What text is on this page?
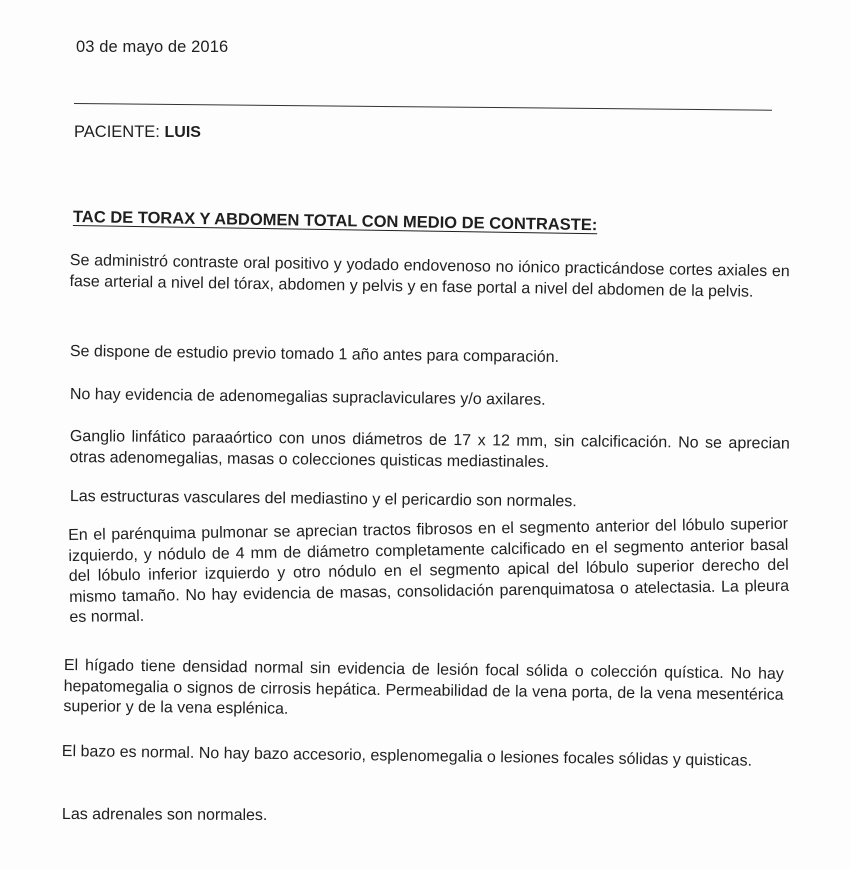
03 de mayo de 2016
PACIENTE: LUIS
TAC DE TORAX Y ABDOMEN TOTAL CON MEDIO DE CONTRASTE:
Se administró contraste oral positivo y yodado endovenoso no iónico practicándose cortes axiales en fase arterial a nivel del tórax, abdomen y pelvis y en fase portal a nivel del abdomen de la pelvis.
Se dispone de estudio previo tomado 1 año antes para comparación.
No hay evidencia de adenomegalias supraclaviculares y/o axilares.
Ganglio linfático paraaórtico con unos diámetros de 17 x 12 mm, sin calcificación. No se aprecian otras adenomegalias, masas o colecciones quisticas mediastinales.
Las estructuras vasculares del mediastino y el pericardio son normales.
En el parénquima pulmonar se aprecian tractos fibrosos en el segmento anterior del lóbulo superior izquierdo, y nódulo de 4 mm de diámetro completamente calcificado en el segmento anterior basal del lóbulo inferior izquierdo y otro nódulo en el segmento apical del lóbulo superior derecho del mismo tamaño. No hay evidencia de masas, consolidación parenquimatosa o atelectasia. La pleura es normal.
El hígado tiene densidad normal sin evidencia de lesión focal sólida o colección quística. No hay hepatomegalia o signos de cirrosis hepática. Permeabilidad de la vena porta, de la vena mesentérica superior y de la vena esplénica.
El bazo es normal. No hay bazo accesorio, esplenomegalia o lesiones focales sólidas y quisticas.
Las adrenales son normales.
